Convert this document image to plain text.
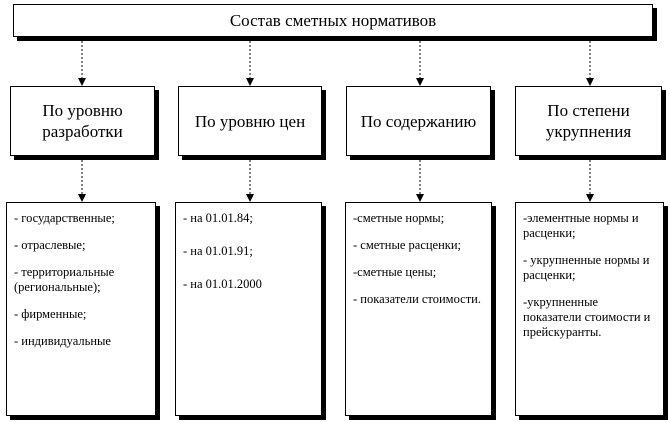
Состав сметных нормативов
По уровню разработки
По уровню цен	По содержанию
По степени укрупнения
- государственные;
- отраслевые;
- территориальные (региональные);
- фирменные;
- индивидуальные
- на 01.01.84;
- на 01.01.91;
- на 01.01.2000
-сметные нормы;
- сметные расценки;
-сметные цены;
- показатели стоимости.
-элементные нормы и расценки;
- укрупненные нормы и расценки;
-укрупненные показатели стоимости и прейскуранты.
